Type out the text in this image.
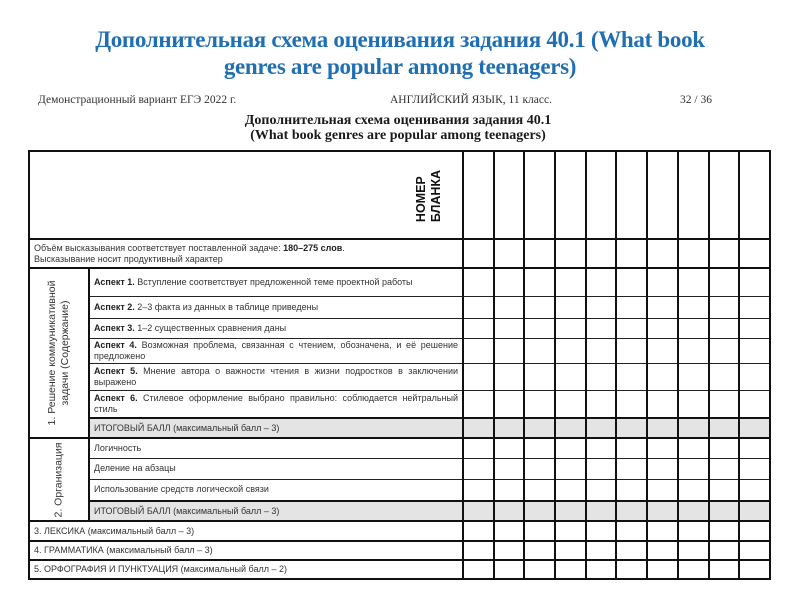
Дополнительная схема оценивания задания 40.1 (What book
genres are popular among teenagers)
Демонстрационный вариант ЕГЭ 2022 г.	АНГЛИЙСКИЙ ЯЗЫК, 11 класс.	32 / 36
Дополнительная схема оценивания задания 40.1
(What book genres are popular among teenagers)
НОМЕР БЛАНКА											

Объём высказывания соответствует поставленной задаче: 180–275 слов.
Высказывание носит продуктивный характер											

1. Решение коммуникативной задачи (Содержание)	Аспект 1. Вступление соответствует предложенной теме проектной работы										
	Аспект 2. 2–3 факта из данных в таблице приведены										
	Аспект 3. 1–2 существенных сравнения даны										
	Аспект 4. Возможная проблема, связанная с чтением, обозначена, и её решение предложено										
	Аспект 5. Мнение автора о важности чтения в жизни подростков в заключении выражено										
	Аспект 6. Стилевое оформление выбрано правильно: соблюдается нейтральный стиль										
	ИТОГОВЫЙ БАЛЛ (максимальный балл – 3)										

2. Организация	Логичность										
	Деление на абзацы										
	Использование средств логической связи										
	ИТОГОВЫЙ БАЛЛ (максимальный балл – 3)										
3. ЛЕКСИКА (максимальный балл – 3)											
4. ГРАММАТИКА (максимальный балл – 3)											
5. ОРФОГРАФИЯ И ПУНКТУАЦИЯ (максимальный балл – 2)											
